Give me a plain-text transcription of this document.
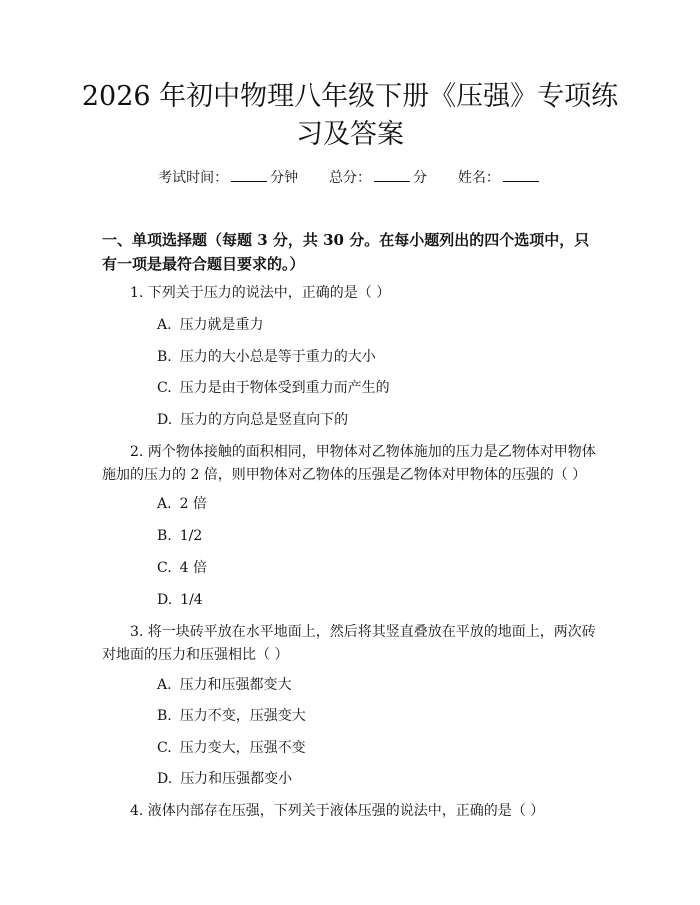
2026 年初中物理八年级下册《压强》专项练习及答案
考试时间：	分钟 总分：	分 姓名：
一、单项选择题（每题 3 分，共 30 分。在每小题列出的四个选项中，只有一项是最符合题目要求的。）
1. 下列关于压力的说法中，正确的是（ ）
A. 压力就是重力
B. 压力的大小总是等于重力的大小
C. 压力是由于物体受到重力而产生的
D. 压力的方向总是竖直向下的
2. 两个物体接触的面积相同，甲物体对乙物体施加的压力是乙物体对甲物体施加的压力的 2 倍，则甲物体对乙物体的压强是乙物体对甲物体的压强的（ ）
A. 2 倍
B. 1/2
C. 4 倍
D. 1/4
3. 将一块砖平放在水平地面上，然后将其竖直叠放在平放的地面上，两次砖对地面的压力和压强相比（ ）
A. 压力和压强都变大
B. 压力不变，压强变大
C. 压力变大，压强不变
D. 压力和压强都变小
4. 液体内部存在压强，下列关于液体压强的说法中，正确的是（ ）
